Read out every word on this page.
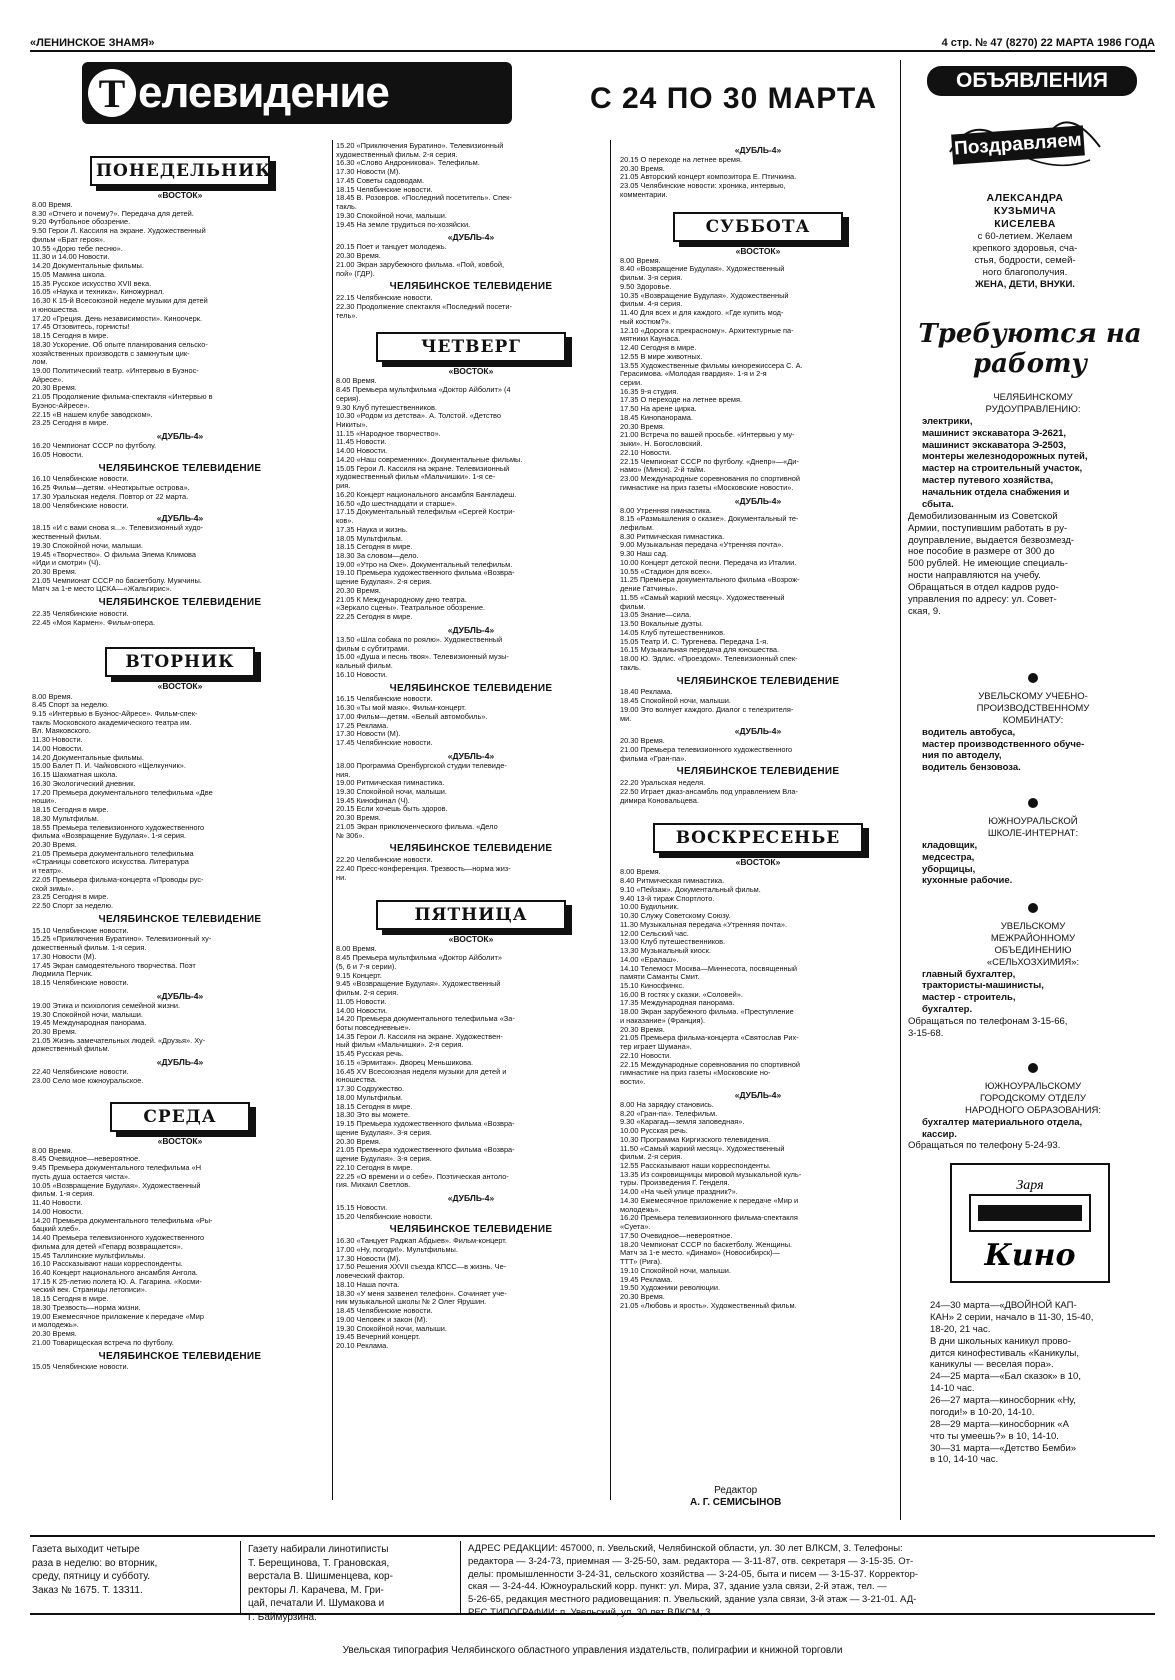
«ЛЕНИНСКОЕ ЗНАМЯ»	4 стр. № 47 (8270) 22 МАРТА 1986 ГОДА
Т елевидение	С 24 ПО 30 МАРТА
ПОНЕДЕЛЬНИК
«ВОСТОК»
8.00 Время.
8.30 «Отчего и почему?». Передача для детей.
9.20 Футбольное обозрение.
9.50 Герои Л. Кассиля на экране. Художественный
фильм «Брат героя».
10.55 «Дорю тебе песню».
11.30 и 14.00 Новости.
14.20 Документальные фильмы.
15.05 Мамина школа.
15.35 Русское искусство XVII века.
16.05 «Наука и техника». Киножурнал.
16.30 К 15-й Всесоюзной неделе музыки для детей
и юношества.
17.20 «Греция. День независимости». Киноочерк.
17.45 Отзовитесь, горнисты!
18.15 Сегодня в мире.
18.30 Ускорение. Об опыте планирования сельско-
хозяйственных производств с замкнутым цик-
лом.
19.00 Политический театр. «Интервью в Буэнос-
Айресе».
20.30 Время.
21.05 Продолжение фильма-спектакля «Интервью в
Буэнос-Айресе».
22.15 «В нашем клубе заводском».
23.25 Сегодня в мире.
«ДУБЛЬ-4»
16.20 Чемпионат СССР по футболу.
16.05 Новости.
ЧЕЛЯБИНСКОЕ ТЕЛЕВИДЕНИЕ
16.10 Челябинские новости.
16.25 Фильм—детям. «Неоткрытые острова».
17.30 Уральская неделя. Повтор от 22 марта.
18.00 Челябинские новости.
«ДУБЛЬ-4»
18.15 «И с вами снова я...». Телевизионный худо-
жественный фильм.
19.30 Спокойной ночи, малыши.
19.45 «Творчество». О фильма Элема Климова
«Иди и смотри» (Ч).
20.30 Время.
21.05 Чемпионат СССР по баскетболу. Мужчины.
Матч за 1-е место ЦСКА—«Жальгирис».
ЧЕЛЯБИНСКОЕ ТЕЛЕВИДЕНИЕ
22.35 Челябинские новости.
22.45 «Моя Кармен». Фильм-опера.
ВТОРНИК
«ВОСТОК»
8.00 Время.
8.45 Спорт за неделю.
9.15 «Интервью в Буэнос-Айресе». Фильм-спек-
такль Московского академического театра им.
Вл. Маяковского.
11.30 Новости.
14.00 Новости.
14.20 Документальные фильмы.
15.00 Балет П. И. Чайковского «Щелкунчик».
16.15 Шахматная школа.
16.30 Экологический дневник.
17.20 Премьера документального телефильма «Две
ноши».
18.15 Сегодня в мире.
18.30 Мультфильм.
18.55 Премьера телевизионного художественного
фильма «Возвращение Будулая». 1-я серия.
20.30 Время.
21.05 Премьера документального телефильма
«Страницы советского искусства. Литература
и театр».
22.05 Премьера фильма-концерта «Проводы рус-
ской зимы».
23.25 Сегодня в мире.
22.50 Спорт за неделю.
ЧЕЛЯБИНСКОЕ ТЕЛЕВИДЕНИЕ
15.10 Челябинские новости.
15.25 «Приключения Буратино». Телевизионный ху-
дожественный фильм. 1-я серия.
17.30 Новости (М).
17.45 Экран самодеятельного творчества. Поэт
Людмила Перчик.
18.15 Челябинские новости.
«ДУБЛЬ-4»
19.00 Этика и психология семейной жизни.
19.30 Спокойной ночи, малыши.
19.45 Международная панорама.
20.30 Время.
21.05 Жизнь замечательных людей. «Друзья». Ху-
дожественный фильм.
«ДУБЛЬ-4»
22.40 Челябинские новости.
23.00 Село мое южноуральское.
СРЕДА
«ВОСТОК»
8.00 Время.
8.45 Очевидное—невероятное.
9.45 Премьера документального телефильма «Н
пусть душа остается чиста».
10.05 «Возвращение Будулая». Художественный
фильм. 1-я серия.
11.40 Новости.
14.00 Новости.
14.20 Премьера документального телефильма «Ры-
бацкий хлеб».
14.40 Премьера телевизионного художественного
фильма для детей «Гепард возвращается».
15.45 Таллинские мультфильмы.
16.10 Рассказывают наши корреспонденты.
16.40 Концерт национального ансамбля Ангола.
17.15 К 25-летию полета Ю. А. Гагарина. «Косми-
ческий век. Страницы летописи».
18.15 Сегодня в мире.
18.30 Трезвость—норма жизни.
19.00 Ежемесячное приложение к передаче «Мир
и молодежь».
20.30 Время.
21.00 Товарищеская встреча по футболу.
ЧЕЛЯБИНСКОЕ ТЕЛЕВИДЕНИЕ
15.05 Челябинские новости.
15.20 «Приключения Буратино». Телевизионный
художественный фильм. 2-я серия.
16.30 «Слово Андроникова». Телефильм.
17.30 Новости (М).
17.45 Советы садоводам.
18.15 Челябинские новости.
18.45 В. Розовров. «Последний посетитель». Спек-
такль.
19.30 Спокойной ночи, малыши.
19.45 На земле трудиться по-хозяйски.
«ДУБЛЬ-4»
20.15 Поет и танцует молодежь.
20.30 Время.
21.00 Экран зарубежного фильма. «Пой, ковбой,
пой» (ГДР).
ЧЕЛЯБИНСКОЕ ТЕЛЕВИДЕНИЕ
22.15 Челябинские новости.
22.30 Продолжение спектакля «Последний посети-
тель».
ЧЕТВЕРГ
«ВОСТОК»
8.00 Время.
8.45 Премьера мультфильма «Доктор Айболит» (4
серия).
9.30 Клуб путешественников.
10.30 «Родом из детства». А. Толстой. «Детство
Никиты».
11.15 «Народное творчество».
11.45 Новости.
14.00 Новости.
14.20 «Наш современник». Документальные фильмы.
15.05 Герои Л. Кассиля на экране. Телевизионный
художественный фильм «Мальчишки». 1-я се-
рия.
16.20 Концерт национального ансамбля Бангладеш.
16.50 «До шестнадцати и старше».
17.15 Документальный телефильм «Сергей Костри-
ков».
17.35 Наука и жизнь.
18.05 Мультфильм.
18.15 Сегодня в мире.
18.30 За словом—дело.
19.00 «Утро на Оке». Документальный телефильм.
19.10 Премьера художественного фильма «Возвра-
щение Будулая». 2-я серия.
20.30 Время.
21.05 К Международному дню театра.
«Зеркало сцены». Театральное обозрение.
22.25 Сегодня в мире.
«ДУБЛЬ-4»
13.50 «Шла собака по роялю». Художественный
фильм с субтитрами.
15.00 «Душа и песнь твоя». Телевизионный музы-
кальный фильм.
16.10 Новости.
ЧЕЛЯБИНСКОЕ ТЕЛЕВИДЕНИЕ
16.15 Челябинские новости.
16.30 «Ты мой маяк». Фильм-концерт.
17.00 Фильм—детям. «Белый автомобиль».
17.25 Реклама.
17.30 Новости (М).
17.45 Челябинские новости.
«ДУБЛЬ-4»
18.00 Программа Оренбургской студии телевиде-
ния.
19.00 Ритмическая гимнастика.
19.30 Спокойной ночи, малыши.
19.45 Кинофинал (Ч).
20.15 Если хочешь быть здоров.
20.30 Время.
21.05 Экран приключенческого фильма. «Дело
№ 306».
ЧЕЛЯБИНСКОЕ ТЕЛЕВИДЕНИЕ
22.20 Челябинские новости.
22.40 Пресс-конференция. Трезвость—норма жиз-
ни.
ПЯТНИЦА
«ВОСТОК»
8.00 Время.
8.45 Премьера мультфильма «Доктор Айболит»
(5, 6 и 7-я серии).
9.15 Концерт.
9.45 «Возвращение Будулая». Художественный
фильм. 2-я серия.
11.05 Новости.
14.00 Новости.
14.20 Премьера документального телефильма «За-
боты повседневные».
14.35 Герои Л. Кассиля на экране. Художествен-
ный фильм «Мальчишки». 2-я серия.
15.45 Русская речь.
16.15 «Эрмитаж». Дворец Меньшикова.
16.45 XV Всесоюзная неделя музыки для детей и
юношества.
17.30 Содружество.
18.00 Мультфильм.
18.15 Сегодня в мире.
18.30 Это вы можете.
19.15 Премьера художественного фильма «Возвра-
щение Будулая». 3-я серия.
20.30 Время.
21.05 Премьера художественного фильма «Возвра-
щение Будулая». 3-я серия.
22.10 Сегодня в мире.
22.25 «О времени и о себе». Поэтическая антоло-
гия. Михаил Светлов.
«ДУБЛЬ-4»
15.15 Новости.
15.20 Челябинские новости.
ЧЕЛЯБИНСКОЕ ТЕЛЕВИДЕНИЕ
16.30 «Танцует Раджап Абдыев». Фильм-концерт.
17.00 «Ну, погоди!». Мультфильмы.
17.30 Новости (М).
17.50 Решения XXVII съезда КПСС—в жизнь. Че-
ловеческий фактор.
18.10 Наша почта.
18.30 «У меня зазвенел телефон». Сочиняет уче-
ник музыкальной школы № 2 Олег Ярушин.
18.45 Челябинские новости.
19.00 Человек и закон (М).
19.30 Спокойной ночи, малыши.
19.45 Вечерний концерт.
20.10 Реклама.
«ДУБЛЬ-4»
20.15 О переходе на летнее время.
20.30 Время.
21.05 Авторский концерт композитора Е. Птичкина.
23.05 Челябинские новости: хроника, интервью,
комментарии.
СУББОТА
«ВОСТОК»
8.00 Время.
8.40 «Возвращение Будулая». Художественный
фильм. 3-я серия.
9.50 Здоровье.
10.35 «Возвращение Будулая». Художественный
фильм. 4-я серия.
11.40 Для всех и для каждого. «Где купить мод-
ный костюм?».
12.10 «Дорога к прекрасному». Архитектурные па-
мятники Каунаса.
12.40 Сегодня в мире.
12.55 В мире животных.
13.55 Художественные фильмы кинорежиссера С. А.
Герасимова. «Молодая гвардия». 1-я и 2-я
серии.
16.35 9-я студия.
17.35 О переходе на летнее время.
17.50 На арене цирка.
18.45 Кинопанорама.
20.30 Время.
21.00 Встреча по вашей просьбе. «Интервью у му-
зыки». Н. Богословский.
22.10 Новости.
22.15 Чемпионат СССР по футболу. «Днепр»—«Ди-
намо» (Минск). 2-й тайм.
23.00 Международные соревнования по спортивной
гимнастике на приз газеты «Московские новости».
«ДУБЛЬ-4»
8.00 Утренняя гимнастика.
8.15 «Размышления о сказке». Документальный те-
лефильм.
8.30 Ритмическая гимнастика.
9.00 Музыкальная передача «Утренняя почта».
9.30 Наш сад.
10.00 Концерт детской песни. Передача из Италии.
10.55 «Стадион для всех».
11.25 Премьера документального фильма «Возрож-
дение Гатчины».
11.55 «Самый жаркий месяц». Художественный
фильм.
13.05 Знание—сила.
13.50 Вокальные дуэты.
14.05 Клуб путешественников.
15.05 Театр И. С. Тургенева. Передача 1-я.
16.15 Музыкальная передача для юношества.
18.00 Ю. Эдлис. «Проездом». Телевизионный спек-
такль.
ЧЕЛЯБИНСКОЕ ТЕЛЕВИДЕНИЕ
18.40 Реклама.
18.45 Спокойной ночи, малыши.
19.00 Это волнует каждого. Диалог с телезрителя-
ми.
«ДУБЛЬ-4»
20.30 Время.
21.00 Премьера телевизионного художественного
фильма «Гран-па».
ЧЕЛЯБИНСКОЕ ТЕЛЕВИДЕНИЕ
22.20 Уральская неделя.
22.50 Играет джаз-ансамбль под управлением Вла-
димира Коновальцева.
ВОСКРЕСЕНЬЕ
«ВОСТОК»
8.00 Время.
8.40 Ритмическая гимнастика.
9.10 «Пейзаж». Документальный фильм.
9.40 13-й тираж Спортлото.
10.00 Будильник.
10.30 Служу Советскому Союзу.
11.30 Музыкальная передача «Утренняя почта».
12.00 Сельский час.
13.00 Клуб путешественников.
13.30 Музыкальный киоск.
14.00 «Ералаш».
14.10 Телемост Москва—Миннесота, посвященный
памяти Саманты Смит.
15.10 Киносфинкс.
16.00 В гостях у сказки. «Соловей».
17.35 Международная панорама.
18.00 Экран зарубежного фильма. «Преступление
и наказание» (Франция).
20.30 Время.
21.05 Премьера фильма-концерта «Святослав Рих-
тер играет Шумана».
22.10 Новости.
22.15 Международные соревнования по спортивной
гимнастике на приз газеты «Московские но-
вости».
«ДУБЛЬ-4»
8.00 На зарядку становись.
8.20 «Гран-па». Телефильм.
9.30 «Карагад—земля заповедная».
10.00 Русская речь.
10.30 Программа Киргизского телевидения.
11.50 «Самый жаркий месяц». Художественный
фильм. 2-я серия.
12.55 Рассказывают наши корреспонденты.
13.35 Из сокровищницы мировой музыкальной куль-
туры. Произведения Г. Генделя.
14.00 «На чьей улице праздник?».
14.30 Ежемесячное приложение к передаче «Мир и
молодежь».
16.20 Премьера телевизионного фильма-спектакля
«Суета».
17.50 Очевидное—невероятное.
18.20 Чемпионат СССР по баскетболу. Женщины.
Матч за 1-е место. «Динамо» (Новосибирск)—
ТТТ» (Рига).
19.10 Спокойной ночи, малыши.
19.45 Реклама.
19.50 Художники революции.
20.30 Время.
21.05 «Любовь и ярость». Художественный фильм.
Редактор
А. Г. СЕМИСЫНОВ
ОБЪЯВЛЕНИЯ
Поздравляем
АЛЕКСАНДРА
КУЗЬМИЧА
КИСЕЛЕВА
с 60-летием. Желаем
крепкого здоровья, сча-
стья, бодрости, семей-
ного благополучия.
ЖЕНА, ДЕТИ, ВНУКИ.
Требуются на работу
ЧЕЛЯБИНСКОМУ
РУДОУПРАВЛЕНИЮ:
электрики,
машинист экскаватора Э-2621,
машинист экскаватора Э-2503,
монтеры железнодорожных путей,
мастер на строительный участок,
мастер путевого хозяйства,
начальник отдела снабжения и
сбыта.
Демобилизованным из Советской
Армии, поступившим работать в ру-
доуправление, выдается безвозмезд-
ное пособие в размере от 300 до
500 рублей. Не имеющие специаль-
ности направляются на учебу.
Обращаться в отдел кадров рудо-
управления по адресу: ул. Совет-
ская, 9.
УВЕЛЬСКОМУ УЧЕБНО-
ПРОИЗВОДСТВЕННОМУ
КОМБИНАТУ:
водитель автобуса,
мастер производственного обуче-
ния по автоделу,
водитель бензовоза.
ЮЖНОУРАЛЬСКОЙ
ШКОЛЕ-ИНТЕРНАТ:
кладовщик,
медсестра,
уборщицы,
кухонные рабочие.
УВЕЛЬСКОМУ
МЕЖРАЙОННОМУ
ОБЪЕДИНЕНИЮ
«СЕЛЬХОЗХИМИЯ»:
главный бухгалтер,
трактористы-машинисты,
мастер - строитель,
бухгалтер.
Обращаться по телефонам 3-15-66,
3-15-68.
ЮЖНОУРАЛЬСКОМУ
ГОРОДСКОМУ ОТДЕЛУ
НАРОДНОГО ОБРАЗОВАНИЯ:
бухгалтер материального отдела,
кассир.
Обращаться по телефону 5-24-93.
Заря
Кино
24—30 марта—«ДВОЙНОЙ КАП-
КАН» 2 серии, начало в 11-30, 15-40,
18-20, 21 час.
В дни школьных каникул прово-
дится кинофестиваль «Каникулы,
каникулы — веселая пора».
24—25 марта—«Бал сказок» в 10,
14-10 час.
26—27 марта—киносборник «Ну,
погоди!» в 10-20, 14-10.
28—29 марта—киносборник «А
что ты умеешь?» в 10, 14-10.
30—31 марта—«Детство Бемби»
в 10, 14-10 час.
Газета выходит четыре
раза в неделю: во вторник,
среду, пятницу и субботу.
Заказ № 1675. Т. 13311.
Газету набирали линотиписты
Т. Берещинова, Т. Грановская,
верстала В. Шишменцева, кор-
ректоры Л. Карачева, М. Гри-
цай, печатали И. Шумакова и
Г. Баймурзина.
АДРЕС РЕДАКЦИИ: 457000, п. Увельский, Челябинской области, ул. 30 лет ВЛКСМ, 3. Телефоны:
редактора — 3-24-73, приемная — 3-25-50, зам. редактора — 3-11-87, отв. секретаря — 3-15-35. От-
делы: промышленности 3-24-31, сельского хозяйства — 3-24-05, быта и писем — 3-15-37. Корректор-
ская — 3-24-44. Южноуральский корр. пункт: ул. Мира, 37, здание узла связи, 2-й этаж, тел. —
5-26-65, редакция местного радиовещания: п. Увельский, здание узла связи, 3-й этаж — 3-21-01. АД-
РЕС ТИПОГРАФИИ: п. Увельский, ул. 30 лет ВЛКСМ, 3.
Увельская типография Челябинского областного управления издательств, полиграфии и книжной торговли
